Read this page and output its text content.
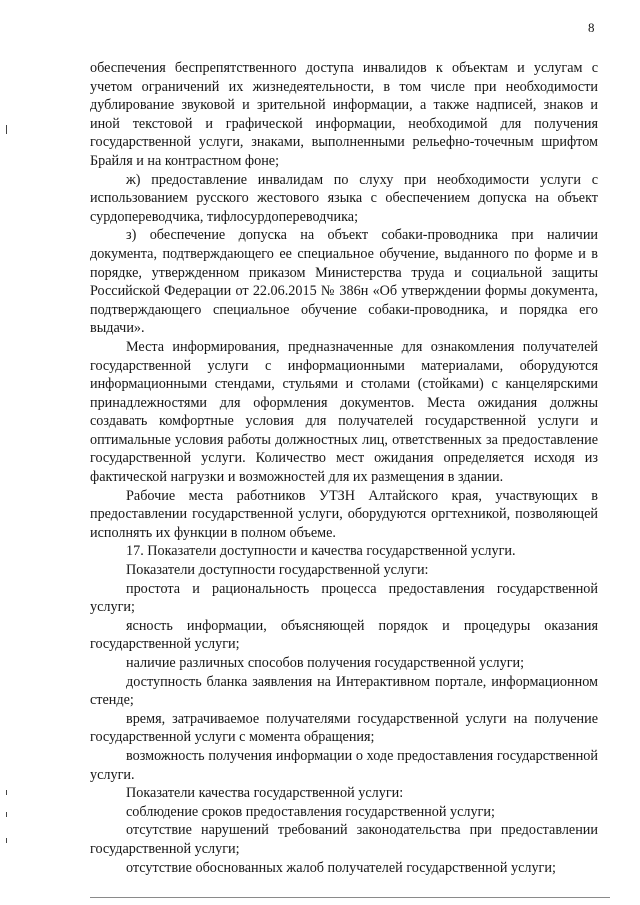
8

обеспечения беспрепятственного доступа инвалидов к объектам и услугам с учетом ограничений их жизнедеятельности, в том числе при необходимости дублирование звуковой и зрительной информации, а также надписей, знаков и иной текстовой и графической информации, необходимой для получения государственной услуги, знаками, выполненными рельефно-точечным шрифтом Брайля и на контрастном фоне;

ж) предоставление инвалидам по слуху при необходимости услуги с использованием русского жестового языка с обеспечением допуска на объект сурдопереводчика, тифлосурдопереводчика;

з) обеспечение допуска на объект собаки-проводника при наличии документа, подтверждающего ее специальное обучение, выданного по форме и в порядке, утвержденном приказом Министерства труда и социальной защиты Российской Федерации от 22.06.2015 № 386н «Об утверждении формы документа, подтверждающего специальное обучение собаки-проводника, и порядка его выдачи».

Места информирования, предназначенные для ознакомления получателей государственной услуги с информационными материалами, оборудуются информационными стендами, стульями и столами (стойками) с канцелярскими принадлежностями для оформления документов. Места ожидания должны создавать комфортные условия для получателей государственной услуги и оптимальные условия работы должностных лиц, ответственных за предоставление государственной услуги. Количество мест ожидания определяется исходя из фактической нагрузки и возможностей для их размещения в здании.

Рабочие места работников УТЗН Алтайского края, участвующих в предоставлении государственной услуги, оборудуются оргтехникой, позволяющей исполнять их функции в полном объеме.

17. Показатели доступности и качества государственной услуги.

Показатели доступности государственной услуги:

простота и рациональность процесса предоставления государственной услуги;

ясность информации, объясняющей порядок и процедуры оказания государственной услуги;

наличие различных способов получения государственной услуги;

доступность бланка заявления на Интерактивном портале, информационном стенде;

время, затрачиваемое получателями государственной услуги на получение государственной услуги с момента обращения;

возможность получения информации о ходе предоставления государственной услуги.

Показатели качества государственной услуги:

соблюдение сроков предоставления государственной услуги;

отсутствие нарушений требований законодательства при предоставлении государственной услуги;

отсутствие обоснованных жалоб получателей государственной услуги;
